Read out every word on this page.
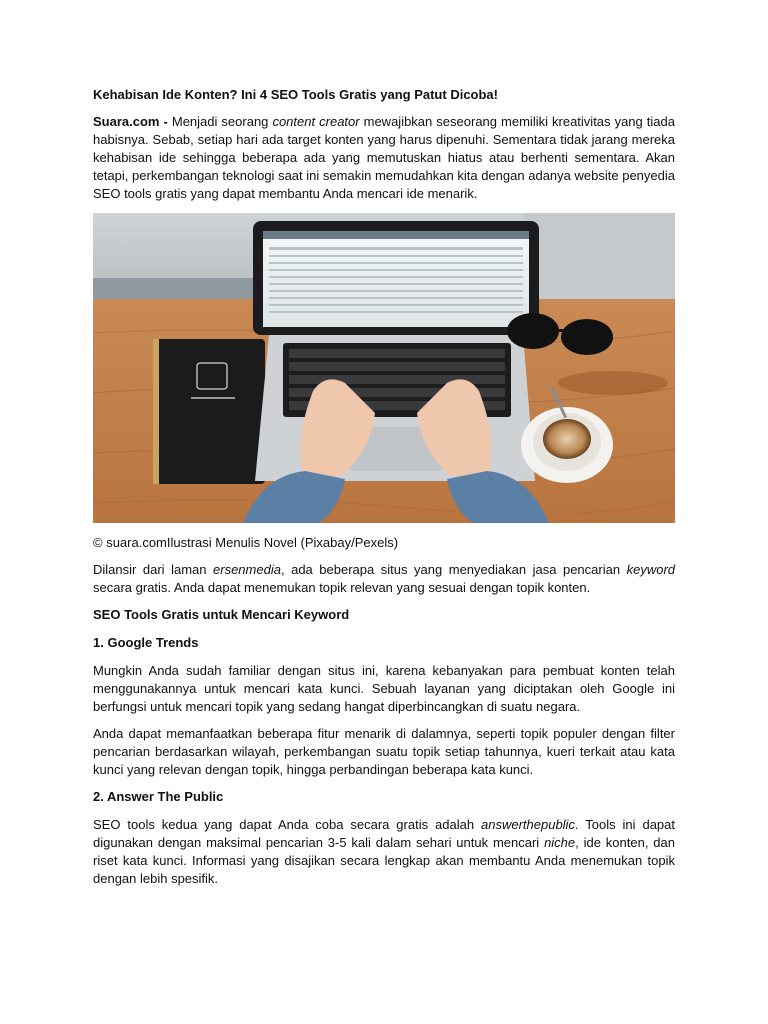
Kehabisan Ide Konten? Ini 4 SEO Tools Gratis yang Patut Dicoba!

Suara.com - Menjadi seorang content creator mewajibkan seseorang memiliki kreativitas yang tiada habisnya. Sebab, setiap hari ada target konten yang harus dipenuhi. Sementara tidak jarang mereka kehabisan ide sehingga beberapa ada yang memutuskan hiatus atau berhenti sementara. Akan tetapi, perkembangan teknologi saat ini semakin memudahkan kita dengan adanya website penyedia SEO tools gratis yang dapat membantu Anda mencari ide menarik.

© suara.comIlustrasi Menulis Novel (Pixabay/Pexels)

Dilansir dari laman ersenmedia, ada beberapa situs yang menyediakan jasa pencarian keyword secara gratis. Anda dapat menemukan topik relevan yang sesuai dengan topik konten.

SEO Tools Gratis untuk Mencari Keyword

1. Google Trends

Mungkin Anda sudah familiar dengan situs ini, karena kebanyakan para pembuat konten telah menggunakannya untuk mencari kata kunci. Sebuah layanan yang diciptakan oleh Google ini berfungsi untuk mencari topik yang sedang hangat diperbincangkan di suatu negara.

Anda dapat memanfaatkan beberapa fitur menarik di dalamnya, seperti topik populer dengan filter pencarian berdasarkan wilayah, perkembangan suatu topik setiap tahunnya, kueri terkait atau kata kunci yang relevan dengan topik, hingga perbandingan beberapa kata kunci.

2. Answer The Public

SEO tools kedua yang dapat Anda coba secara gratis adalah answerthepublic. Tools ini dapat digunakan dengan maksimal pencarian 3-5 kali dalam sehari untuk mencari niche, ide konten, dan riset kata kunci. Informasi yang disajikan secara lengkap akan membantu Anda menemukan topik dengan lebih spesifik.
